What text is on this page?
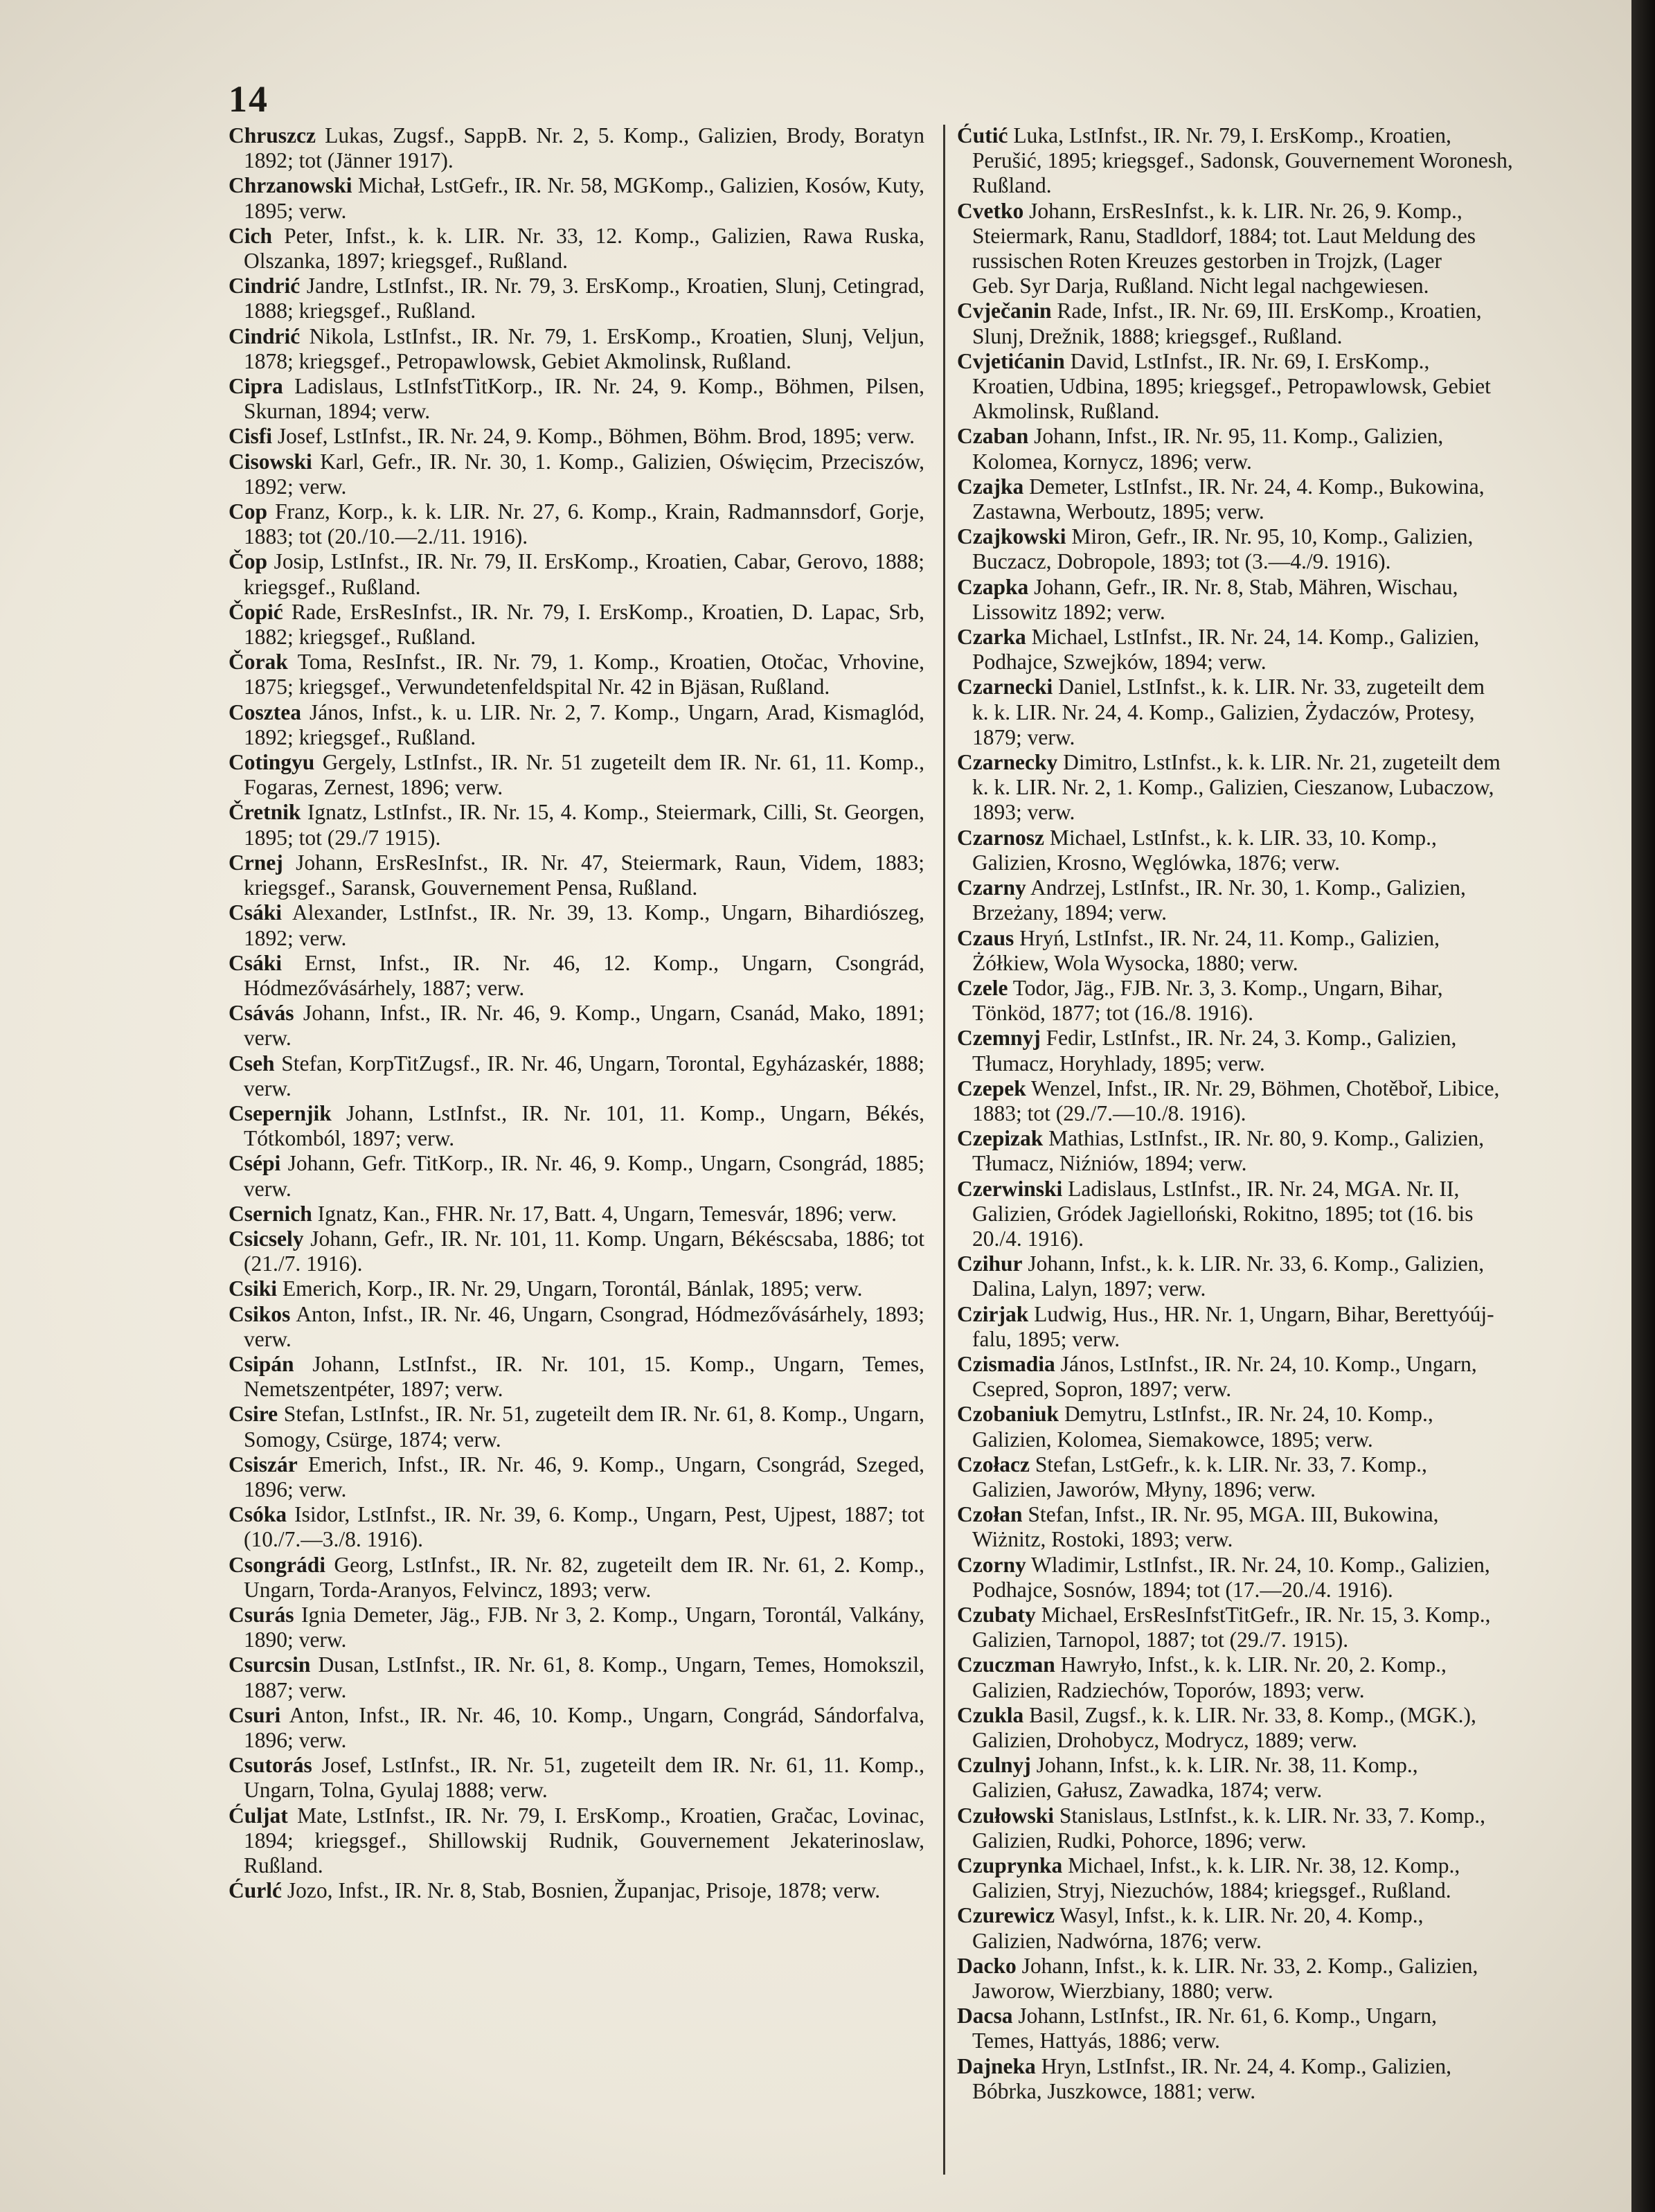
14

Chruszcz Lukas, Zugsf., SappB. Nr. 2, 5. Komp., Galizien, Brody, Boratyn 1892; tot (Jänner 1917).

Chrzanowski Michał, LstGefr., IR. Nr. 58, MGKomp., Galizien, Kosów, Kuty, 1895; verw.

Cich Peter, Infst., k. k. LIR. Nr. 33, 12. Komp., Galizien, Rawa Ruska, Olszanka, 1897; kriegsgef., Rußland.

Cindrić Jandre, LstInfst., IR. Nr. 79, 3. ErsKomp., Kroatien, Slunj, Cetingrad, 1888; kriegsgef., Rußland.

Cindrić Nikola, LstInfst., IR. Nr. 79, 1. ErsKomp., Kroatien, Slunj, Veljun, 1878; kriegsgef., Petropawlowsk, Gebiet Akmolinsk, Rußland.

Cipra Ladislaus, LstInfstTitKorp., IR. Nr. 24, 9. Komp., Böhmen, Pilsen, Skurnan, 1894; verw.

Cisfi Josef, LstInfst., IR. Nr. 24, 9. Komp., Böhmen, Böhm. Brod, 1895; verw.

Cisowski Karl, Gefr., IR. Nr. 30, 1. Komp., Galizien, Oświęcim, Przeciszów, 1892; verw.

Cop Franz, Korp., k. k. LIR. Nr. 27, 6. Komp., Krain, Radmannsdorf, Gorje, 1883; tot (20./10.—2./11. 1916).

Čop Josip, LstInfst., IR. Nr. 79, II. ErsKomp., Kroatien, Cabar, Gerovo, 1888; kriegsgef., Rußland.

Čopić Rade, ErsResInfst., IR. Nr. 79, I. ErsKomp., Kroatien, D. Lapac, Srb, 1882; kriegsgef., Rußland.

Čorak Toma, ResInfst., IR. Nr. 79, 1. Komp., Kroatien, Otočac, Vrhovine, 1875; kriegsgef., Verwundetenfeldspital Nr. 42 in Bjäsan, Rußland.

Cosztea János, Infst., k. u. LIR. Nr. 2, 7. Komp., Ungarn, Arad, Kismaglód, 1892; kriegsgef., Rußland.

Cotingyu Gergely, LstInfst., IR. Nr. 51 zugeteilt dem IR. Nr. 61, 11. Komp., Fogaras, Zernest, 1896; verw.

Čretnik Ignatz, LstInfst., IR. Nr. 15, 4. Komp., Steiermark, Cilli, St. Georgen, 1895; tot (29./7 1915).

Crnej Johann, ErsResInfst., IR. Nr. 47, Steiermark, Raun, Videm, 1883; kriegsgef., Saransk, Gouvernement Pensa, Rußland.

Csáki Alexander, LstInfst., IR. Nr. 39, 13. Komp., Ungarn, Bihardiószeg, 1892; verw.

Csáki Ernst, Infst., IR. Nr. 46, 12. Komp., Ungarn, Csongrád, Hódmezővásárhely, 1887; verw.

Csávás Johann, Infst., IR. Nr. 46, 9. Komp., Ungarn, Csanád, Mako, 1891; verw.

Cseh Stefan, KorpTitZugsf., IR. Nr. 46, Ungarn, Torontal, Egyházaskér, 1888; verw.

Csepernjik Johann, LstInfst., IR. Nr. 101, 11. Komp., Ungarn, Békés, Tótkomból, 1897; verw.

Csépi Johann, Gefr. TitKorp., IR. Nr. 46, 9. Komp., Ungarn, Csongrád, 1885; verw.

Csernich Ignatz, Kan., FHR. Nr. 17, Batt. 4, Ungarn, Temesvár, 1896; verw.

Csicsely Johann, Gefr., IR. Nr. 101, 11. Komp. Ungarn, Békéscsaba, 1886; tot (21./7. 1916).

Csiki Emerich, Korp., IR. Nr. 29, Ungarn, Torontál, Bánlak, 1895; verw.

Csikos Anton, Infst., IR. Nr. 46, Ungarn, Csongrad, Hódmezővásárhely, 1893; verw.

Csipán Johann, LstInfst., IR. Nr. 101, 15. Komp., Ungarn, Temes, Nemetszentpéter, 1897; verw.

Csire Stefan, LstInfst., IR. Nr. 51, zugeteilt dem IR. Nr. 61, 8. Komp., Ungarn, Somogy, Csürge, 1874; verw.

Csiszár Emerich, Infst., IR. Nr. 46, 9. Komp., Ungarn, Csongrád, Szeged, 1896; verw.

Csóka Isidor, LstInfst., IR. Nr. 39, 6. Komp., Ungarn, Pest, Ujpest, 1887; tot (10./7.—3./8. 1916).

Csongrádi Georg, LstInfst., IR. Nr. 82, zugeteilt dem IR. Nr. 61, 2. Komp., Ungarn, Torda-Aranyos, Felvincz, 1893; verw.

Csurás Ignia Demeter, Jäg., FJB. Nr 3, 2. Komp., Ungarn, Torontál, Valkány, 1890; verw.

Csurcsin Dusan, LstInfst., IR. Nr. 61, 8. Komp., Ungarn, Temes, Homokszil, 1887; verw.

Csuri Anton, Infst., IR. Nr. 46, 10. Komp., Ungarn, Congrád, Sándorfalva, 1896; verw.

Csutorás Josef, LstInfst., IR. Nr. 51, zugeteilt dem IR. Nr. 61, 11. Komp., Ungarn, Tolna, Gyulaj 1888; verw.

Ćuljat Mate, LstInfst., IR. Nr. 79, I. ErsKomp., Kroatien, Gračac, Lovinac, 1894; kriegsgef., Shillowskij Rudnik, Gouvernement Jekaterinoslaw, Rußland.

Ćurlć Jozo, Infst., IR. Nr. 8, Stab, Bosnien, Županjac, Prisoje, 1878; verw.

Ćutić Luka, LstInfst., IR. Nr. 79, I. ErsKomp., Kroatien,
Perušić, 1895; kriegsgef., Sadonsk, Gouvernement Woronesh,
Rußland.

Cvetko Johann, ErsResInfst., k. k. LIR. Nr. 26, 9. Komp.,
Steiermark, Ranu, Stadldorf, 1884; tot. Laut Meldung des
russischen Roten Kreuzes gestorben in Trojzk, (Lager
Geb. Syr Darja, Rußland. Nicht legal nachgewiesen.

Cvječanin Rade, Infst., IR. Nr. 69, III. ErsKomp., Kroatien,
Slunj, Drežnik, 1888; kriegsgef., Rußland.

Cvjetićanin David, LstInfst., IR. Nr. 69, I. ErsKomp.,
Kroatien, Udbina, 1895; kriegsgef., Petropawlowsk, Gebiet
Akmolinsk, Rußland.

Czaban Johann, Infst., IR. Nr. 95, 11. Komp., Galizien,
Kolomea, Kornycz, 1896; verw.

Czajka Demeter, LstInfst., IR. Nr. 24, 4. Komp., Bukowina,
Zastawna, Werboutz, 1895; verw.

Czajkowski Miron, Gefr., IR. Nr. 95, 10, Komp., Galizien,
Buczacz, Dobropole, 1893; tot (3.—4./9. 1916).

Czapka Johann, Gefr., IR. Nr. 8, Stab, Mähren, Wischau,
Lissowitz 1892; verw.

Czarka Michael, LstInfst., IR. Nr. 24, 14. Komp., Galizien,
Podhajce, Szwejków, 1894; verw.

Czarnecki Daniel, LstInfst., k. k. LIR. Nr. 33, zugeteilt dem
k. k. LIR. Nr. 24, 4. Komp., Galizien, Żydaczów, Protesy,
1879; verw.

Czarnecky Dimitro, LstInfst., k. k. LIR. Nr. 21, zugeteilt dem
k. k. LIR. Nr. 2, 1. Komp., Galizien, Cieszanow, Lubaczow,
1893; verw.

Czarnosz Michael, LstInfst., k. k. LIR. 33, 10. Komp.,
Galizien, Krosno, Węglówka, 1876; verw.

Czarny Andrzej, LstInfst., IR. Nr. 30, 1. Komp., Galizien,
Brzeżany, 1894; verw.

Czaus Hryń, LstInfst., IR. Nr. 24, 11. Komp., Galizien,
Żółkiew, Wola Wysocka, 1880; verw.

Czele Todor, Jäg., FJB. Nr. 3, 3. Komp., Ungarn, Bihar,
Tönköd, 1877; tot (16./8. 1916).

Czemnyj Fedir, LstInfst., IR. Nr. 24, 3. Komp., Galizien,
Tłumacz, Horyhlady, 1895; verw.

Czepek Wenzel, Infst., IR. Nr. 29, Böhmen, Chotěboř, Libice,
1883; tot (29./7.—10./8. 1916).

Czepizak Mathias, LstInfst., IR. Nr. 80, 9. Komp., Galizien,
Tłumacz, Niźniów, 1894; verw.

Czerwinski Ladislaus, LstInfst., IR. Nr. 24, MGA. Nr. II,
Galizien, Gródek Jagielloński, Rokitno, 1895; tot (16. bis
20./4. 1916).

Czihur Johann, Infst., k. k. LIR. Nr. 33, 6. Komp., Galizien,
Dalina, Lalyn, 1897; verw.

Czirjak Ludwig, Hus., HR. Nr. 1, Ungarn, Bihar, Berettyóúj-
falu, 1895; verw.

Czismadia János, LstInfst., IR. Nr. 24, 10. Komp., Ungarn,
Csepred, Sopron, 1897; verw.

Czobaniuk Demytru, LstInfst., IR. Nr. 24, 10. Komp.,
Galizien, Kolomea, Siemakowce, 1895; verw.

Czołacz Stefan, LstGefr., k. k. LIR. Nr. 33, 7. Komp.,
Galizien, Jaworów, Młyny, 1896; verw.

Czołan Stefan, Infst., IR. Nr. 95, MGA. III, Bukowina,
Wiżnitz, Rostoki, 1893; verw.

Czorny Wladimir, LstInfst., IR. Nr. 24, 10. Komp., Galizien,
Podhajce, Sosnów, 1894; tot (17.—20./4. 1916).

Czubaty Michael, ErsResInfstTitGefr., IR. Nr. 15, 3. Komp.,
Galizien, Tarnopol, 1887; tot (29./7. 1915).

Czuczman Hawryło, Infst., k. k. LIR. Nr. 20, 2. Komp.,
Galizien, Radziechów, Toporów, 1893; verw.

Czukla Basil, Zugsf., k. k. LIR. Nr. 33, 8. Komp., (MGK.),
Galizien, Drohobycz, Modrycz, 1889; verw.

Czulnyj Johann, Infst., k. k. LIR. Nr. 38, 11. Komp.,
Galizien, Gałusz, Zawadka, 1874; verw.

Czułowski Stanislaus, LstInfst., k. k. LIR. Nr. 33, 7. Komp.,
Galizien, Rudki, Pohorce, 1896; verw.

Czuprynka Michael, Infst., k. k. LIR. Nr. 38, 12. Komp.,
Galizien, Stryj, Niezuchów, 1884; kriegsgef., Rußland.

Czurewicz Wasyl, Infst., k. k. LIR. Nr. 20, 4. Komp.,
Galizien, Nadwórna, 1876; verw.

Dacko Johann, Infst., k. k. LIR. Nr. 33, 2. Komp., Galizien,
Jaworow, Wierzbiany, 1880; verw.

Dacsa Johann, LstInfst., IR. Nr. 61, 6. Komp., Ungarn,
Temes, Hattyás, 1886; verw.

Dajneka Hryn, LstInfst., IR. Nr. 24, 4. Komp., Galizien,
Bóbrka, Juszkowce, 1881; verw.
